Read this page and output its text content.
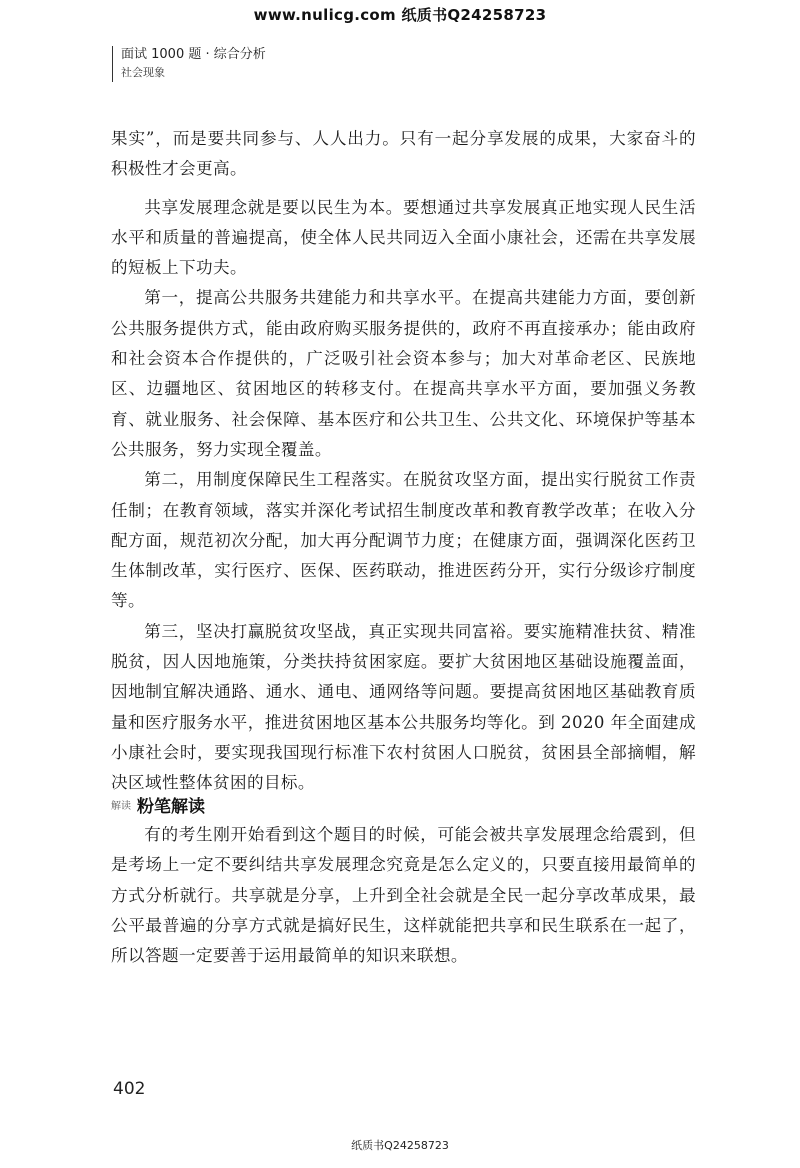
www.nulicg.com 纸质书Q24258723
面试 1000 题 · 综合分析
社会现象

果实”，而是要共同参与、人人出力。只有一起分享发展的成果，大家奋斗的积极性才会更高。

共享发展理念就是要以民生为本。要想通过共享发展真正地实现人民生活水平和质量的普遍提高，使全体人民共同迈入全面小康社会，还需在共享发展的短板上下功夫。

第一，提高公共服务共建能力和共享水平。在提高共建能力方面，要创新公共服务提供方式，能由政府购买服务提供的，政府不再直接承办；能由政府和社会资本合作提供的，广泛吸引社会资本参与；加大对革命老区、民族地区、边疆地区、贫困地区的转移支付。在提高共享水平方面，要加强义务教育、就业服务、社会保障、基本医疗和公共卫生、公共文化、环境保护等基本公共服务，努力实现全覆盖。

第二，用制度保障民生工程落实。在脱贫攻坚方面，提出实行脱贫工作责任制；在教育领域，落实并深化考试招生制度改革和教育教学改革；在收入分配方面，规范初次分配，加大再分配调节力度；在健康方面，强调深化医药卫生体制改革，实行医疗、医保、医药联动，推进医药分开，实行分级诊疗制度等。

第三，坚决打赢脱贫攻坚战，真正实现共同富裕。要实施精准扶贫、精准脱贫，因人因地施策，分类扶持贫困家庭。要扩大贫困地区基础设施覆盖面，因地制宜解决通路、通水、通电、通网络等问题。要提高贫困地区基础教育质量和医疗服务水平，推进贫困地区基本公共服务均等化。到 2020 年全面建成小康社会时，要实现我国现行标准下农村贫困人口脱贫，贫困县全部摘帽，解决区域性整体贫困的目标。

解读 粉笔解读

有的考生刚开始看到这个题目的时候，可能会被共享发展理念给震到，但是考场上一定不要纠结共享发展理念究竟是怎么定义的，只要直接用最简单的方式分析就行。共享就是分享，上升到全社会就是全民一起分享改革成果，最公平最普遍的分享方式就是搞好民生，这样就能把共享和民生联系在一起了，所以答题一定要善于运用最简单的知识来联想。

402
纸质书Q24258723
